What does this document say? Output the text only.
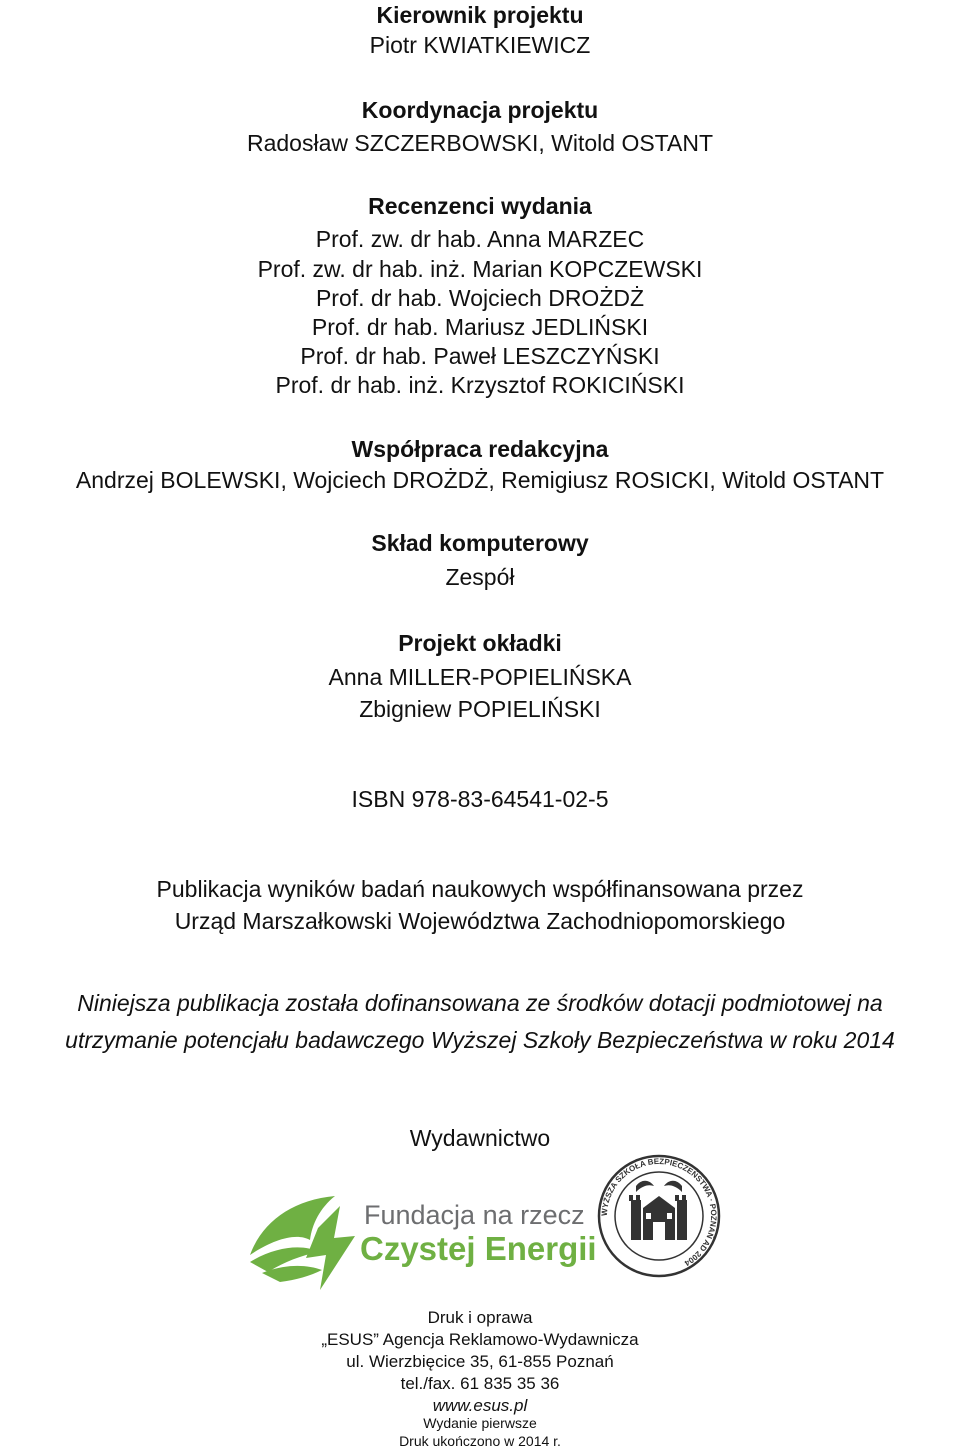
Kierownik projektu
Piotr KWIATKIEWICZ
Koordynacja projektu
Radosław SZCZERBOWSKI, Witold OSTANT
Recenzenci wydania
Prof. zw. dr hab. Anna MARZEC
Prof. zw. dr hab. inż. Marian KOPCZEWSKI
Prof. dr hab. Wojciech DROŻDŻ
Prof. dr hab. Mariusz JEDLIŃSKI
Prof. dr hab. Paweł LESZCZYŃSKI
Prof. dr hab. inż. Krzysztof ROKICIŃSKI
Współpraca redakcyjna
Andrzej BOLEWSKI, Wojciech DROŻDŻ, Remigiusz ROSICKI, Witold OSTANT
Skład komputerowy
Zespół
Projekt okładki
Anna MILLER-POPIELIŃSKA
Zbigniew POPIELIŃSKI
ISBN 978-83-64541-02-5
Publikacja wyników badań naukowych współfinansowana przez
Urząd Marszałkowski Województwa Zachodniopomorskiego
Niniejsza publikacja została dofinansowana ze środków dotacji podmiotowej na
utrzymanie potencjału badawczego Wyższej Szkoły Bezpieczeństwa w roku 2014
Wydawnictwo
Fundacja na rzecz
Czystej Energii
WYŻSZA SZKOŁA BEZPIECZEŃSTWA · POZNAŃ AD 2004
Druk i oprawa
„ESUS” Agencja Reklamowo-Wydawnicza
ul. Wierzbięcice 35, 61-855 Poznań
tel./fax. 61 835 35 36
www.esus.pl
Wydanie pierwsze
Druk ukończono w 2014 r.
